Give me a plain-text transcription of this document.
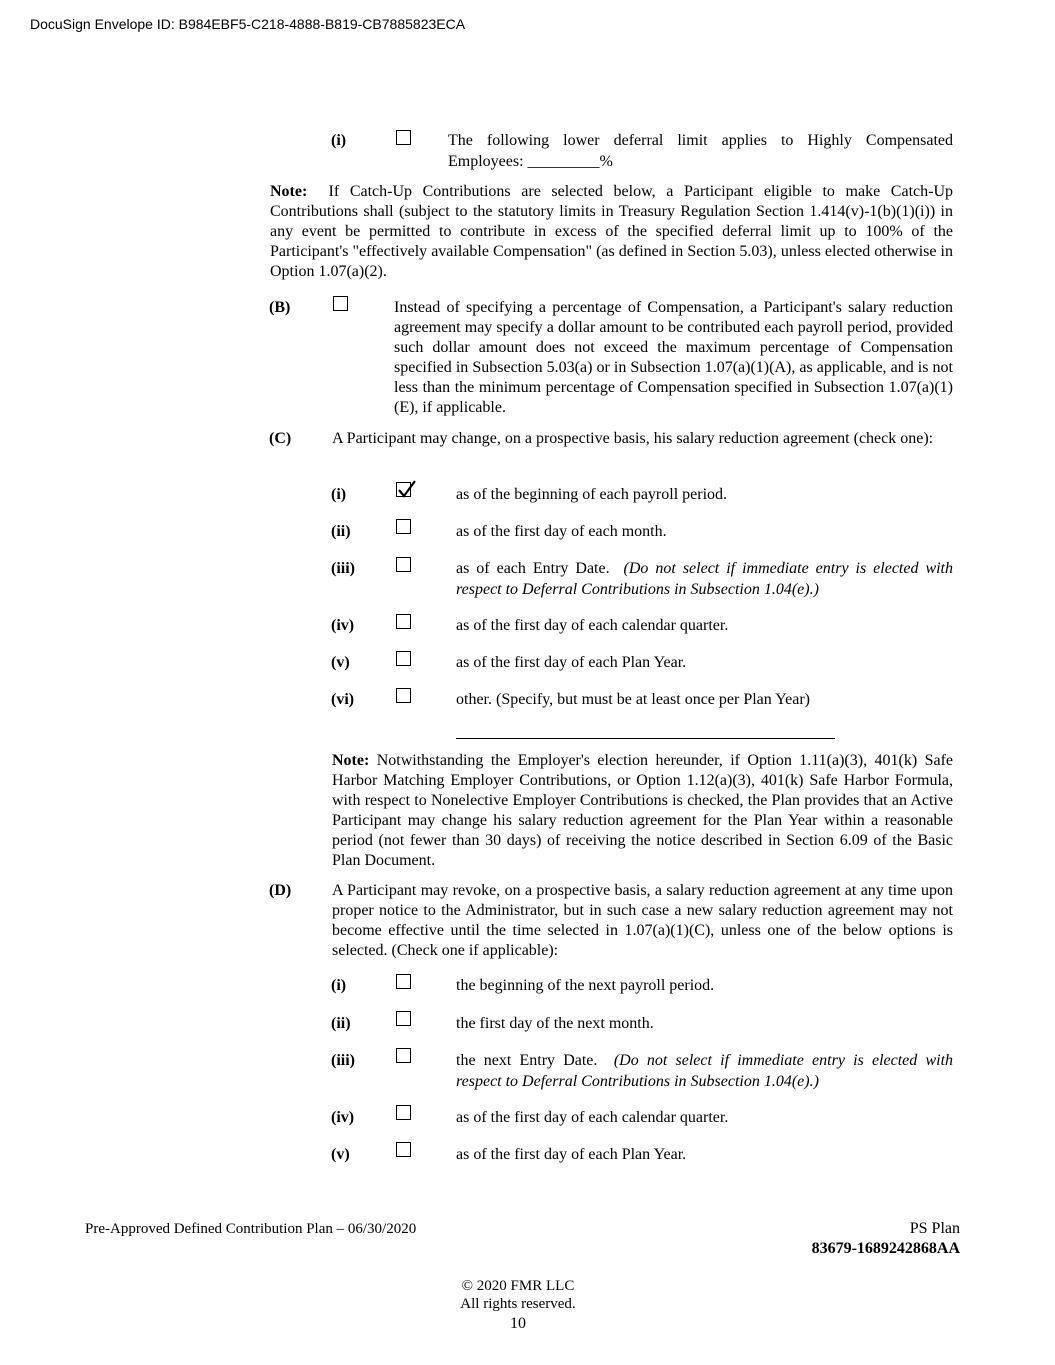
DocuSign Envelope ID: B984EBF5-C218-4888-B819-CB7885823ECA
(i)	The following lower deferral limit applies to Highly Compensated
Employees: _________%
Note: If Catch-Up Contributions are selected below, a Participant eligible to make Catch-Up Contributions shall (subject to the statutory limits in Treasury Regulation Section 1.414(v)-1(b)(1)(i)) in any event be permitted to contribute in excess of the specified deferral limit up to 100% of the Participant's "effectively available Compensation" (as defined in Section 5.03), unless elected otherwise in Option 1.07(a)(2).
(B)	Instead of specifying a percentage of Compensation, a Participant's salary reduction agreement may specify a dollar amount to be contributed each payroll period, provided such dollar amount does not exceed the maximum percentage of Compensation specified in Subsection 5.03(a) or in Subsection 1.07(a)(1)(A), as applicable, and is not less than the minimum percentage of Compensation specified in Subsection 1.07(a)(1)(E), if applicable.
(C)	A Participant may change, on a prospective basis, his salary reduction agreement (check one):
(i)	as of the beginning of each payroll period.
(ii)	as of the first day of each month.
(iii)	as of each Entry Date. (Do not select if immediate entry is elected with
respect to Deferral Contributions in Subsection 1.04(e).)
(iv)	as of the first day of each calendar quarter.
(v)	as of the first day of each Plan Year.
(vi)	other. (Specify, but must be at least once per Plan Year)
Note: Notwithstanding the Employer's election hereunder, if Option 1.11(a)(3), 401(k) Safe Harbor Matching Employer Contributions, or Option 1.12(a)(3), 401(k) Safe Harbor Formula, with respect to Nonelective Employer Contributions is checked, the Plan provides that an Active Participant may change his salary reduction agreement for the Plan Year within a reasonable period (not fewer than 30 days) of receiving the notice described in Section 6.09 of the Basic Plan Document.
(D)	A Participant may revoke, on a prospective basis, a salary reduction agreement at any time upon proper notice to the Administrator, but in such case a new salary reduction agreement may not become effective until the time selected in 1.07(a)(1)(C), unless one of the below options is selected. (Check one if applicable):
(i)	the beginning of the next payroll period.
(ii)	the first day of the next month.
(iii)	the next Entry Date. (Do not select if immediate entry is elected with
respect to Deferral Contributions in Subsection 1.04(e).)
(iv)	as of the first day of each calendar quarter.
(v)	as of the first day of each Plan Year.
Pre-Approved Defined Contribution Plan – 06/30/2020	PS Plan
83679-1689242868AA
© 2020 FMR LLC
All rights reserved.
10
